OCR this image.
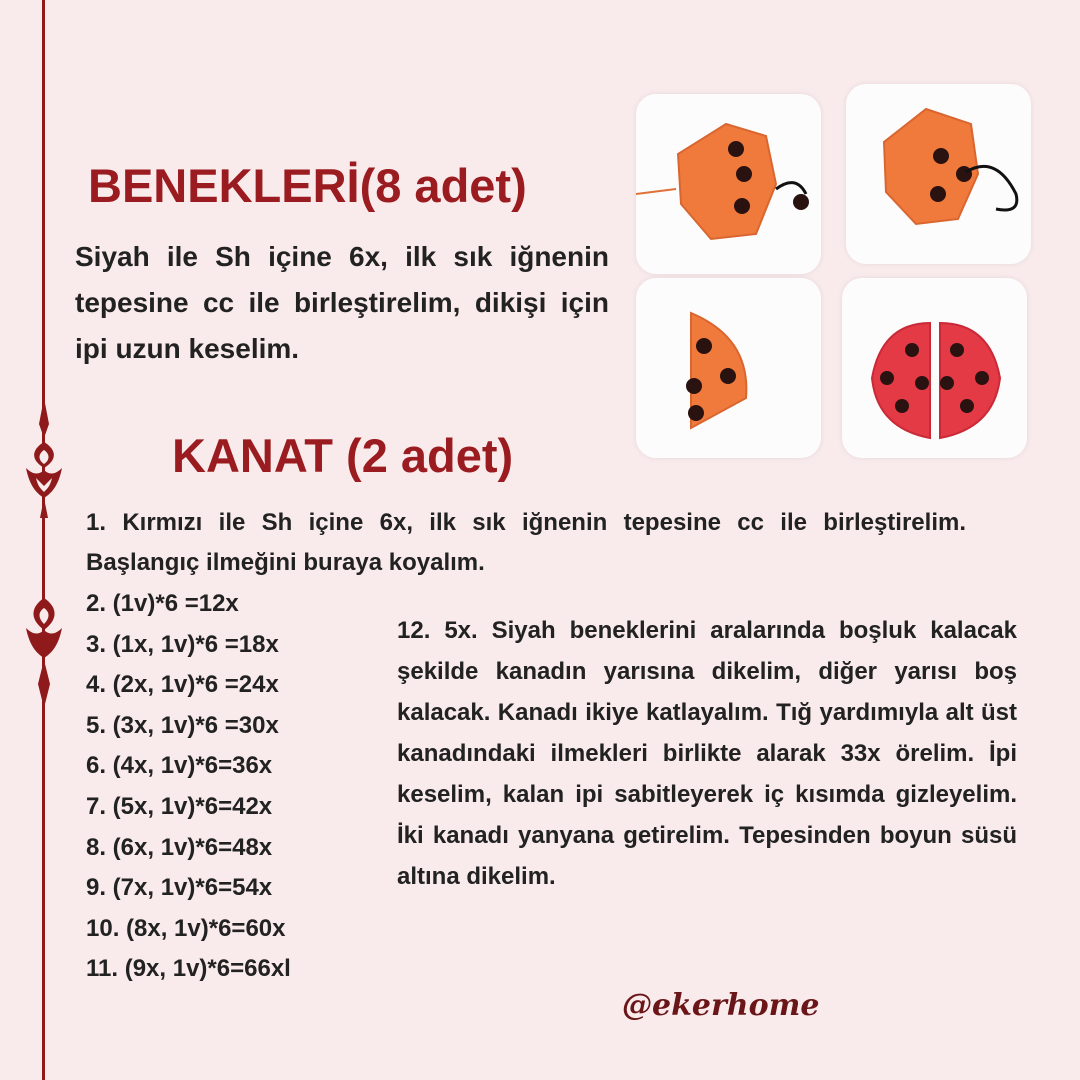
BENEKLERİ(8 adet)
Siyah ile Sh içine 6x, ilk sık iğnenin tepesine cc ile birleştirelim, dikişi için ipi uzun keselim.
KANAT (2 adet)
1. Kırmızı ile Sh içine 6x, ilk sık iğnenin tepesine cc ile birleştirelim. Başlangıç ilmeğini buraya koyalım.
2. (1v)*6 =12x
3. (1x, 1v)*6 =18x
4. (2x, 1v)*6 =24x
5. (3x, 1v)*6 =30x
6. (4x, 1v)*6=36x
7. (5x, 1v)*6=42x
8. (6x, 1v)*6=48x
9. (7x, 1v)*6=54x
10. (8x, 1v)*6=60x
11. (9x, 1v)*6=66xl
12. 5x. Siyah beneklerini aralarında boşluk kalacak şekilde kanadın yarısına dikelim, diğer yarısı boş kalacak. Kanadı ikiye katlayalım. Tığ yardımıyla alt üst kanadındaki ilmekleri birlikte alarak 33x örelim. İpi keselim, kalan ipi sabitleyerek iç kısımda gizleyelim. İki kanadı yanyana getirelim. Tepesinden boyun süsü altına dikelim.
@ekerhome
